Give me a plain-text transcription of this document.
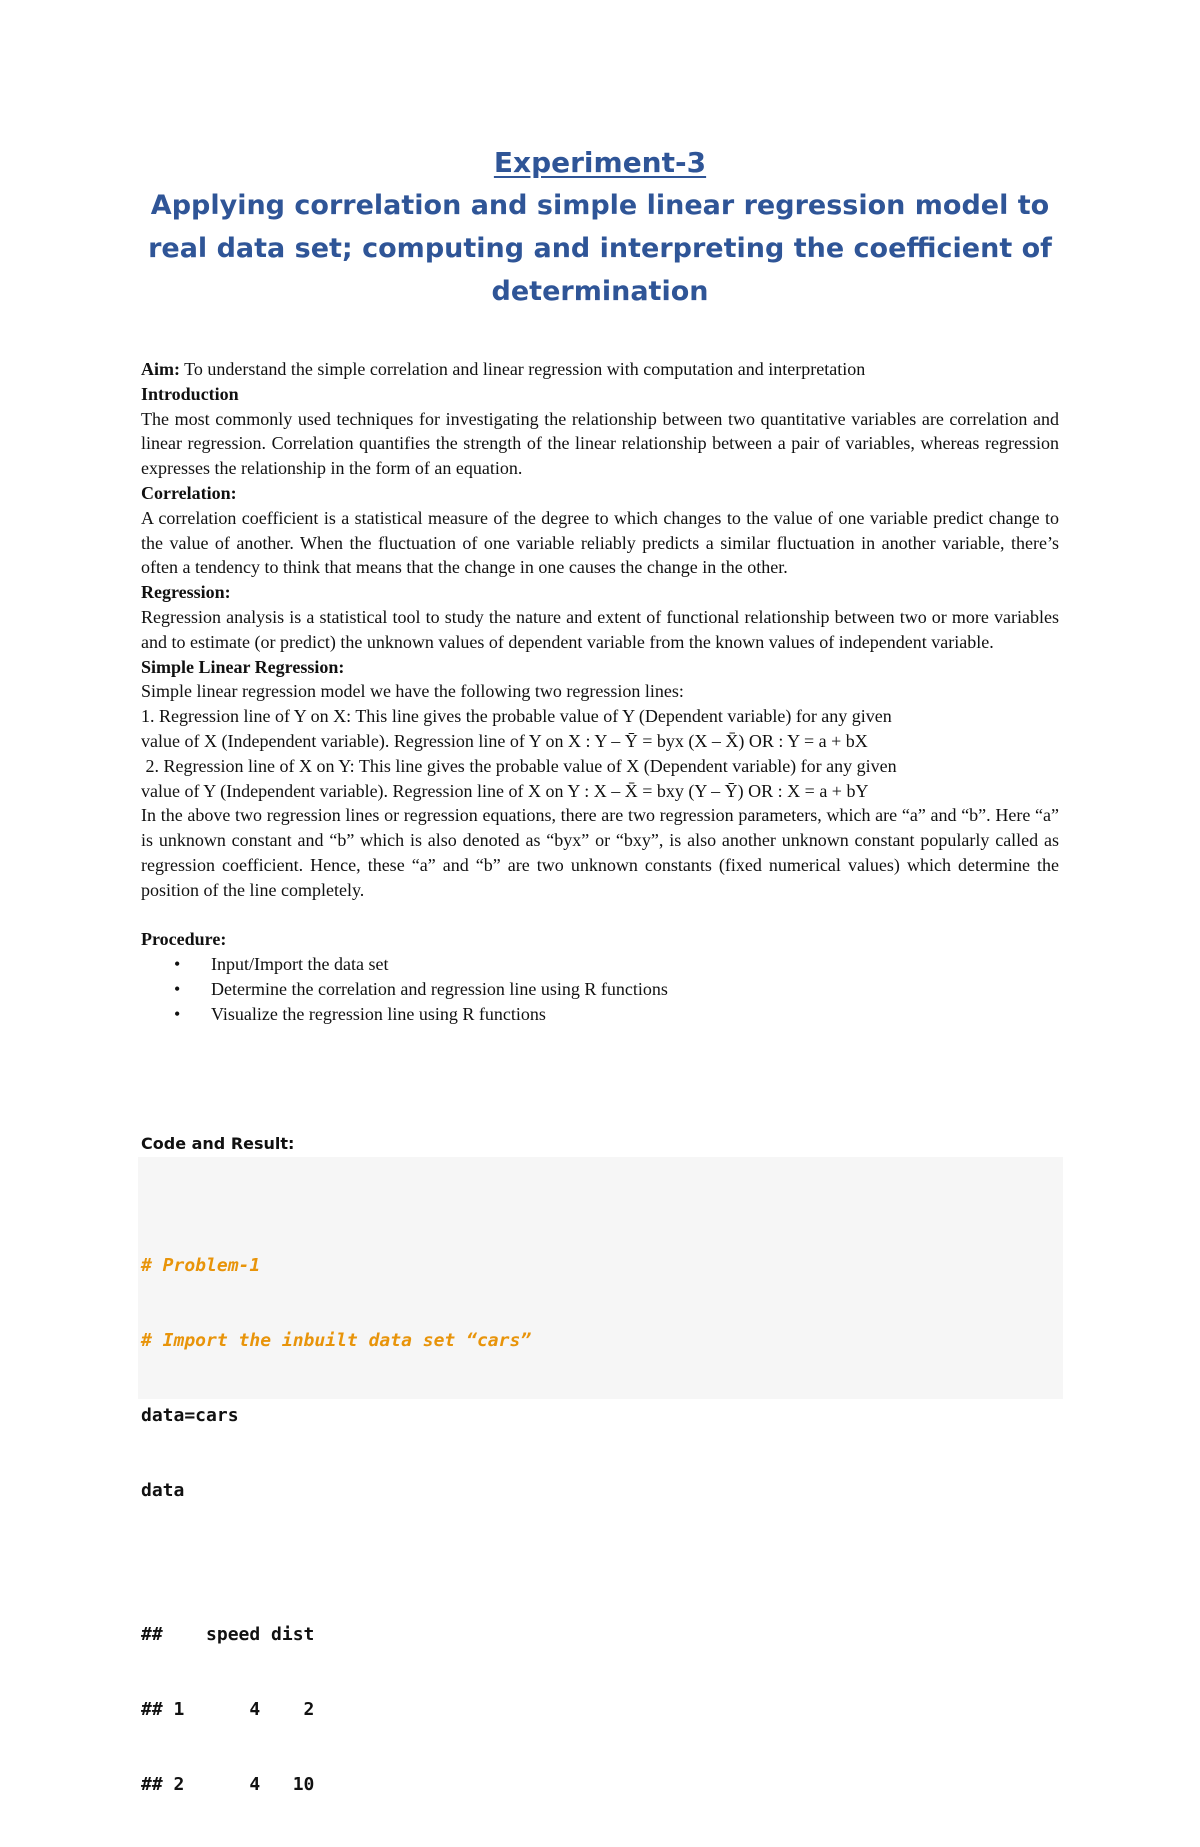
Experiment-3
Applying correlation and simple linear regression model to
real data set; computing and interpreting the coefficient of
determination

Aim: To understand the simple correlation and linear regression with computation and interpretation

Introduction

The most commonly used techniques for investigating the relationship between two quantitative variables are correlation and linear regression. Correlation quantifies the strength of the linear relationship between a pair of variables, whereas regression expresses the relationship in the form of an equation.

Correlation:

A correlation coefficient is a statistical measure of the degree to which changes to the value of one variable predict change to the value of another. When the fluctuation of one variable reliably predicts a similar fluctuation in another variable, there’s often a tendency to think that means that the change in one causes the change in the other.

Regression:

Regression analysis is a statistical tool to study the nature and extent of functional relationship between two or more variables and to estimate (or predict) the unknown values of dependent variable from the known values of independent variable.

Simple Linear Regression:

Simple linear regression model we have the following two regression lines:

1. Regression line of Y on X: This line gives the probable value of Y (Dependent variable) for any given

value of X (Independent variable). Regression line of Y on X : Y – Ȳ = byx (X – X̄) OR : Y = a + bX

2. Regression line of X on Y: This line gives the probable value of X (Dependent variable) for any given

value of Y (Independent variable). Regression line of X on Y : X – X̄ = bxy (Y – Ȳ) OR : X = a + bY

In the above two regression lines or regression equations, there are two regression parameters, which are “a” and “b”. Here “a” is unknown constant and “b” which is also denoted as “byx” or “bxy”, is also another unknown constant popularly called as regression coefficient. Hence, these “a” and “b” are two unknown constants (fixed numerical values) which determine the position of the line completely.

Procedure:

• Input/Import the data set
• Determine the correlation and regression line using R functions
• Visualize the regression line using R functions
Code and Result:

# Problem-1

# Import the inbuilt data set “cars”

data=cars

data

##    speed dist

## 1      4    2

## 2      4   10
